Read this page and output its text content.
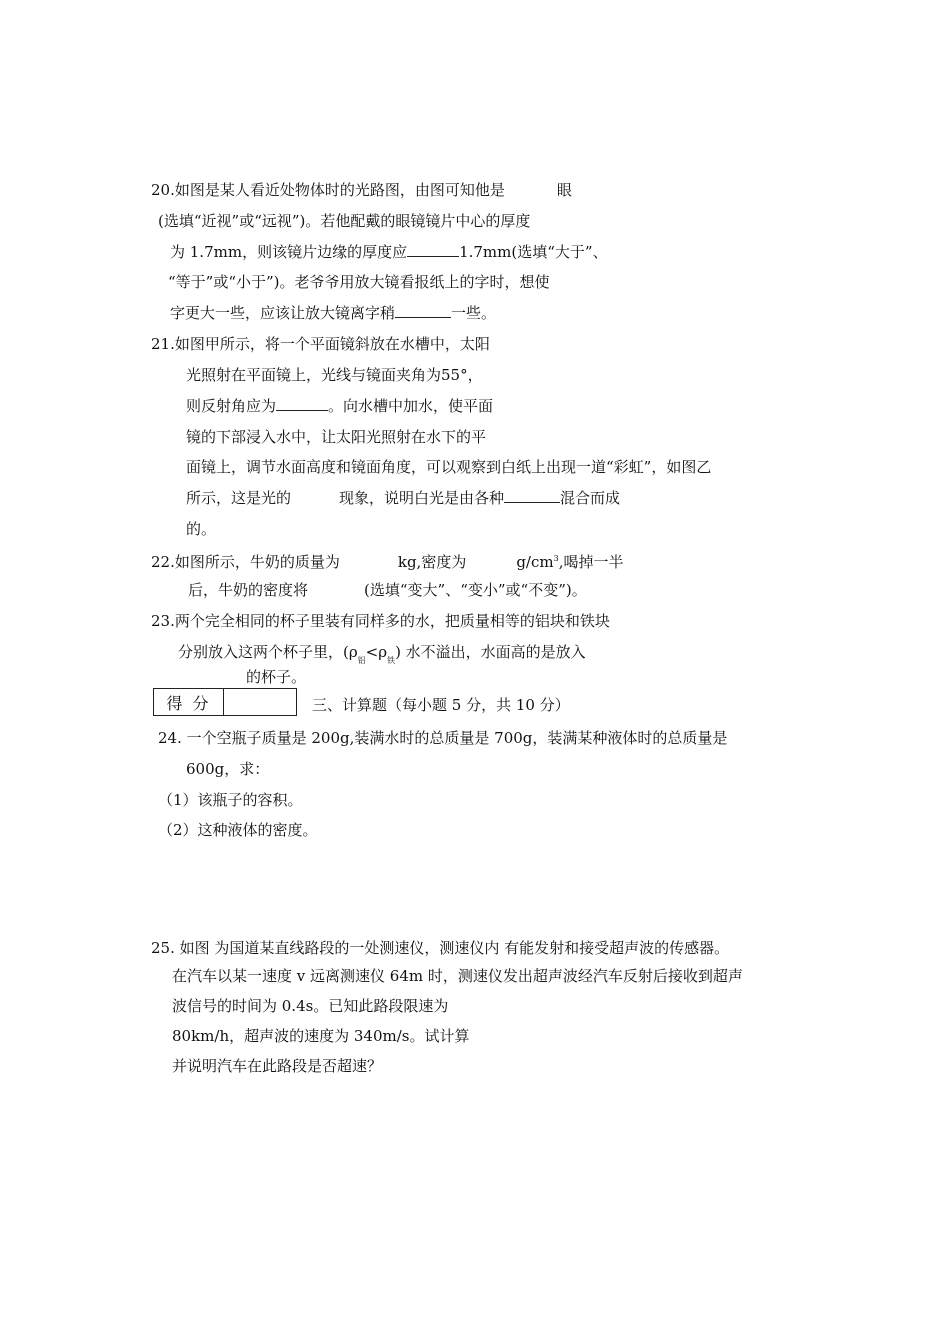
20.如图是某人看近处物体时的光路图，由图可知他是	眼
(选填“近视”或“远视”)。若他配戴的眼镜镜片中心的厚度
为 1.7mm，则该镜片边缘的厚度应	1.7mm(选填“大于”、
“等于”或“小于”)。老爷爷用放大镜看报纸上的字时，想使
字更大一些，应该让放大镜离字稍	一些。
21.如图甲所示，将一个平面镜斜放在水槽中，太阳
光照射在平面镜上，光线与镜面夹角为55°，
则反射角应为	。向水槽中加水，使平面
镜的下部浸入水中，让太阳光照射在水下的平
面镜上，调节水面高度和镜面角度，可以观察到白纸上出现一道“彩虹”，如图乙
所示，这是光的	现象，说明白光是由各种	混合而成
的。
22.如图所示，牛奶的质量为	kg,密度为	$g/cm^3$,喝掉一半
后，牛奶的密度将	(选填“变大”、“变小”或“不变”)。
23.两个完全相同的杯子里装有同样多的水，把质量相等的铝块和铁块
分别放入这两个杯子里，$(\rho_铝<\rho_铁)$ 水不溢出，水面高的是放入
的杯子。
得分	三、计算题（每小题 5 分，共 10 分）
24. 一个空瓶子质量是 200g,装满水时的总质量是 700g，装满某种液体时的总质量是
600g，求：
（1）该瓶子的容积。
（2）这种液体的密度。
25. 如图 为国道某直线路段的一处测速仪，测速仪内 有能发射和接受超声波的传感器。
在汽车以某一速度 v 远离测速仪 64m 时，测速仪发出超声波经汽车反射后接收到超声
波信号的时间为 0.4s。已知此路段限速为
80km/h，超声波的速度为 340m/s。试计算
并说明汽车在此路段是否超速？
